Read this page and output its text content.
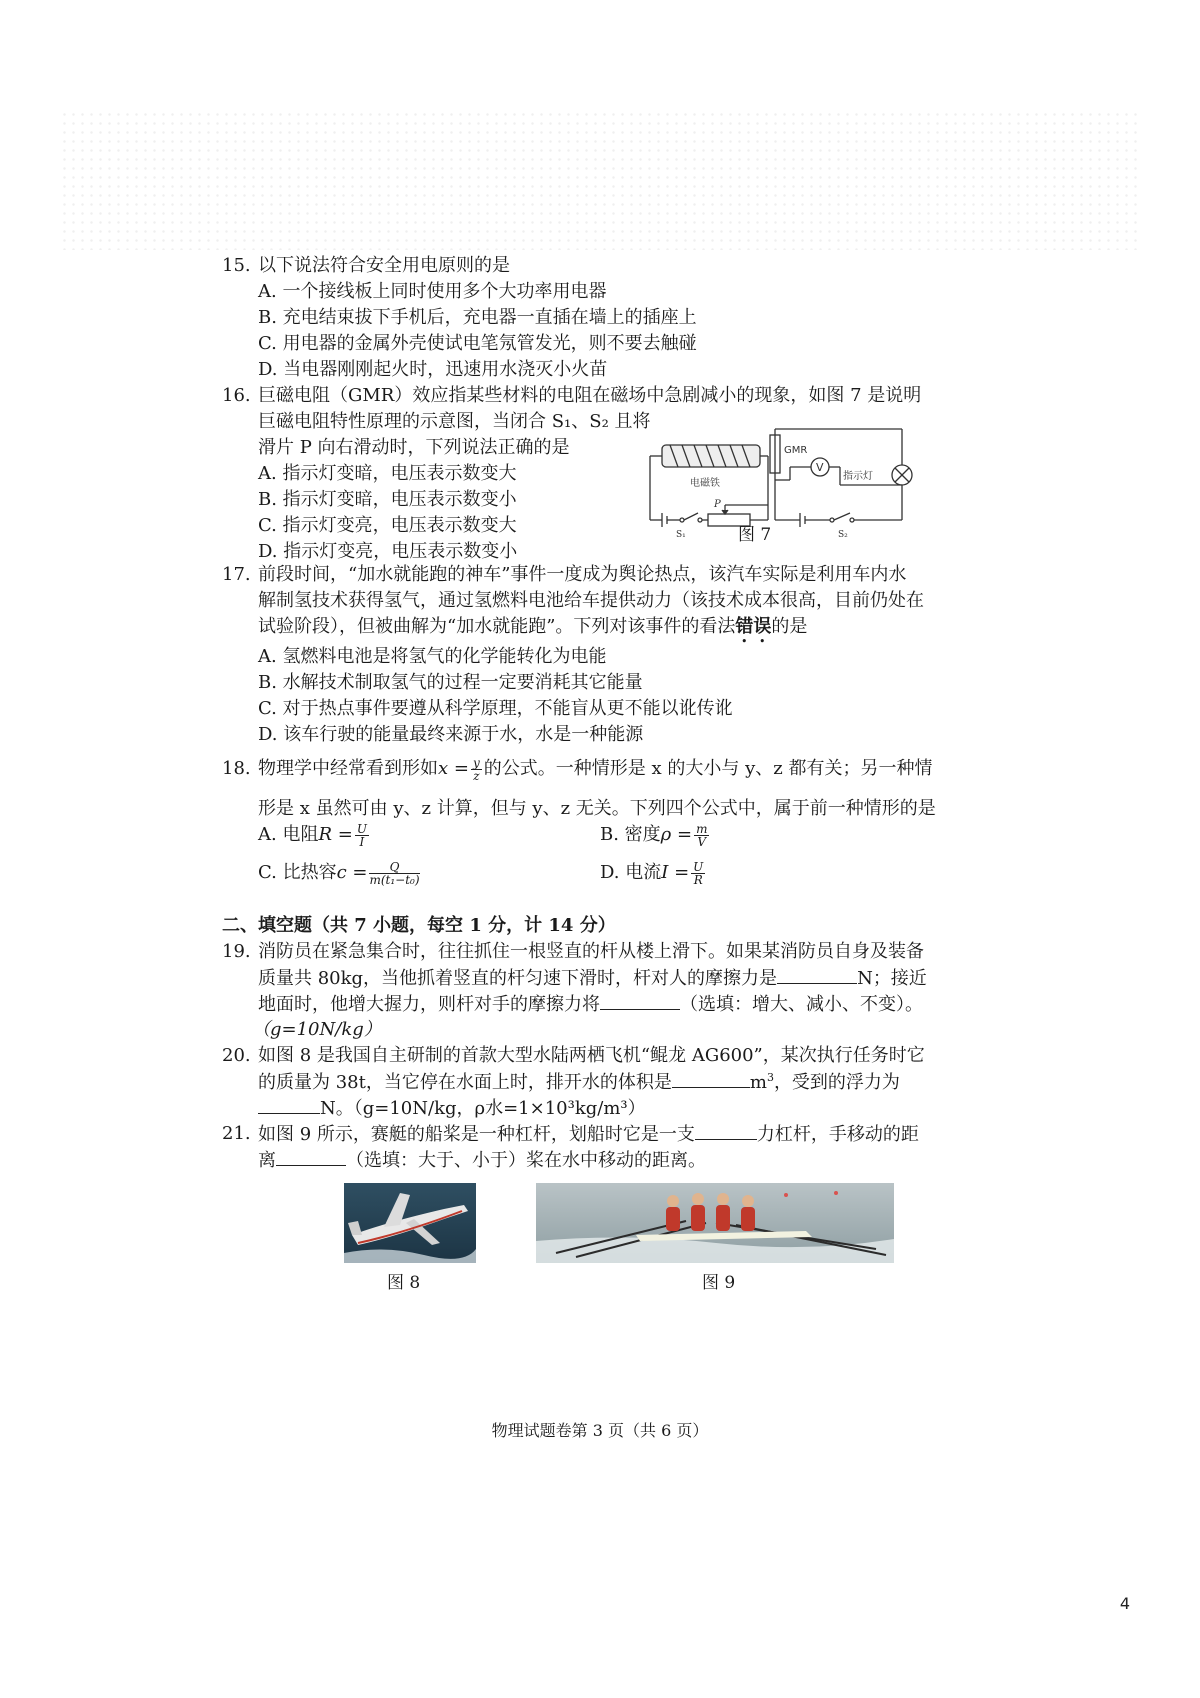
15. 以下说法符合安全用电原则的是
A. 一个接线板上同时使用多个大功率用电器
B. 充电结束拔下手机后，充电器一直插在墙上的插座上
C. 用电器的金属外壳使试电笔氖管发光，则不要去触碰
D. 当电器刚刚起火时，迅速用水浇灭小火苗
16. 巨磁电阻（GMR）效应指某些材料的电阻在磁场中急剧减小的现象，如图 7 是说明
巨磁电阻特性原理的示意图，当闭合 S₁、S₂ 且将
滑片 P 向右滑动时，下列说法正确的是
A. 指示灯变暗，电压表示数变大
B. 指示灯变暗，电压表示数变小
C. 指示灯变亮，电压表示数变大
D. 指示灯变亮，电压表示数变小
电磁铁
GMR
V
指示灯
P
S₁	S₂
图 7
17. 前段时间，“加水就能跑的神车”事件一度成为舆论热点，该汽车实际是利用车内水
解制氢技术获得氢气，通过氢燃料电池给车提供动力（该技术成本很高，目前仍处在
试验阶段），但被曲解为“加水就能跑”。下列对该事件的看法错误的是
A. 氢燃料电池是将氢气的化学能转化为电能
B. 水解技术制取氢气的过程一定要消耗其它能量
C. 对于热点事件要遵从科学原理，不能盲从更不能以讹传讹
D. 该车行驶的能量最终来源于水，水是一种能源
18. 物理学中经常看到形如$x = \frac{y}{z}$ 的公式。一种情形是 x 的大小与 y、z 都有关；另一种情
形是 x 虽然可由 y、z 计算，但与 y、z 无关。下列四个公式中，属于前一种情形的是
A. 电阻$R = \frac{U}{I}$	B. 密度$\rho = \frac{m}{V}$
C. 比热容$c = \frac{Q}{\text{m(t₁−t₀)}}$	D. 电流$I = \frac{U}{R}$
二、填空题（共 7 小题，每空 1 分，计 14 分）
19. 消防员在紧急集合时，往往抓住一根竖直的杆从楼上滑下。如果某消防员自身及装备
质量共 80kg，当他抓着竖直的杆匀速下滑时，杆对人的摩擦力是	N；接近
地面时，他增大握力，则杆对手的摩擦力将	（选填：增大、减小、不变）。
（g=10N/kg）
20. 如图 8 是我国自主研制的首款大型水陆两栖飞机“鲲龙 AG600”，某次执行任务时它
的质量为 38t，当它停在水面上时，排开水的体积是	$m^3$，受到的浮力为
N。（g=10N/kg，ρ水=1×10³kg/m³）
21. 如图 9 所示，赛艇的船桨是一种杠杆，划船时它是一支	力杠杆，手移动的距
离	（选填：大于、小于）桨在水中移动的距离。
图 8	图 9
物理试题卷第 3 页（共 6 页）
4
